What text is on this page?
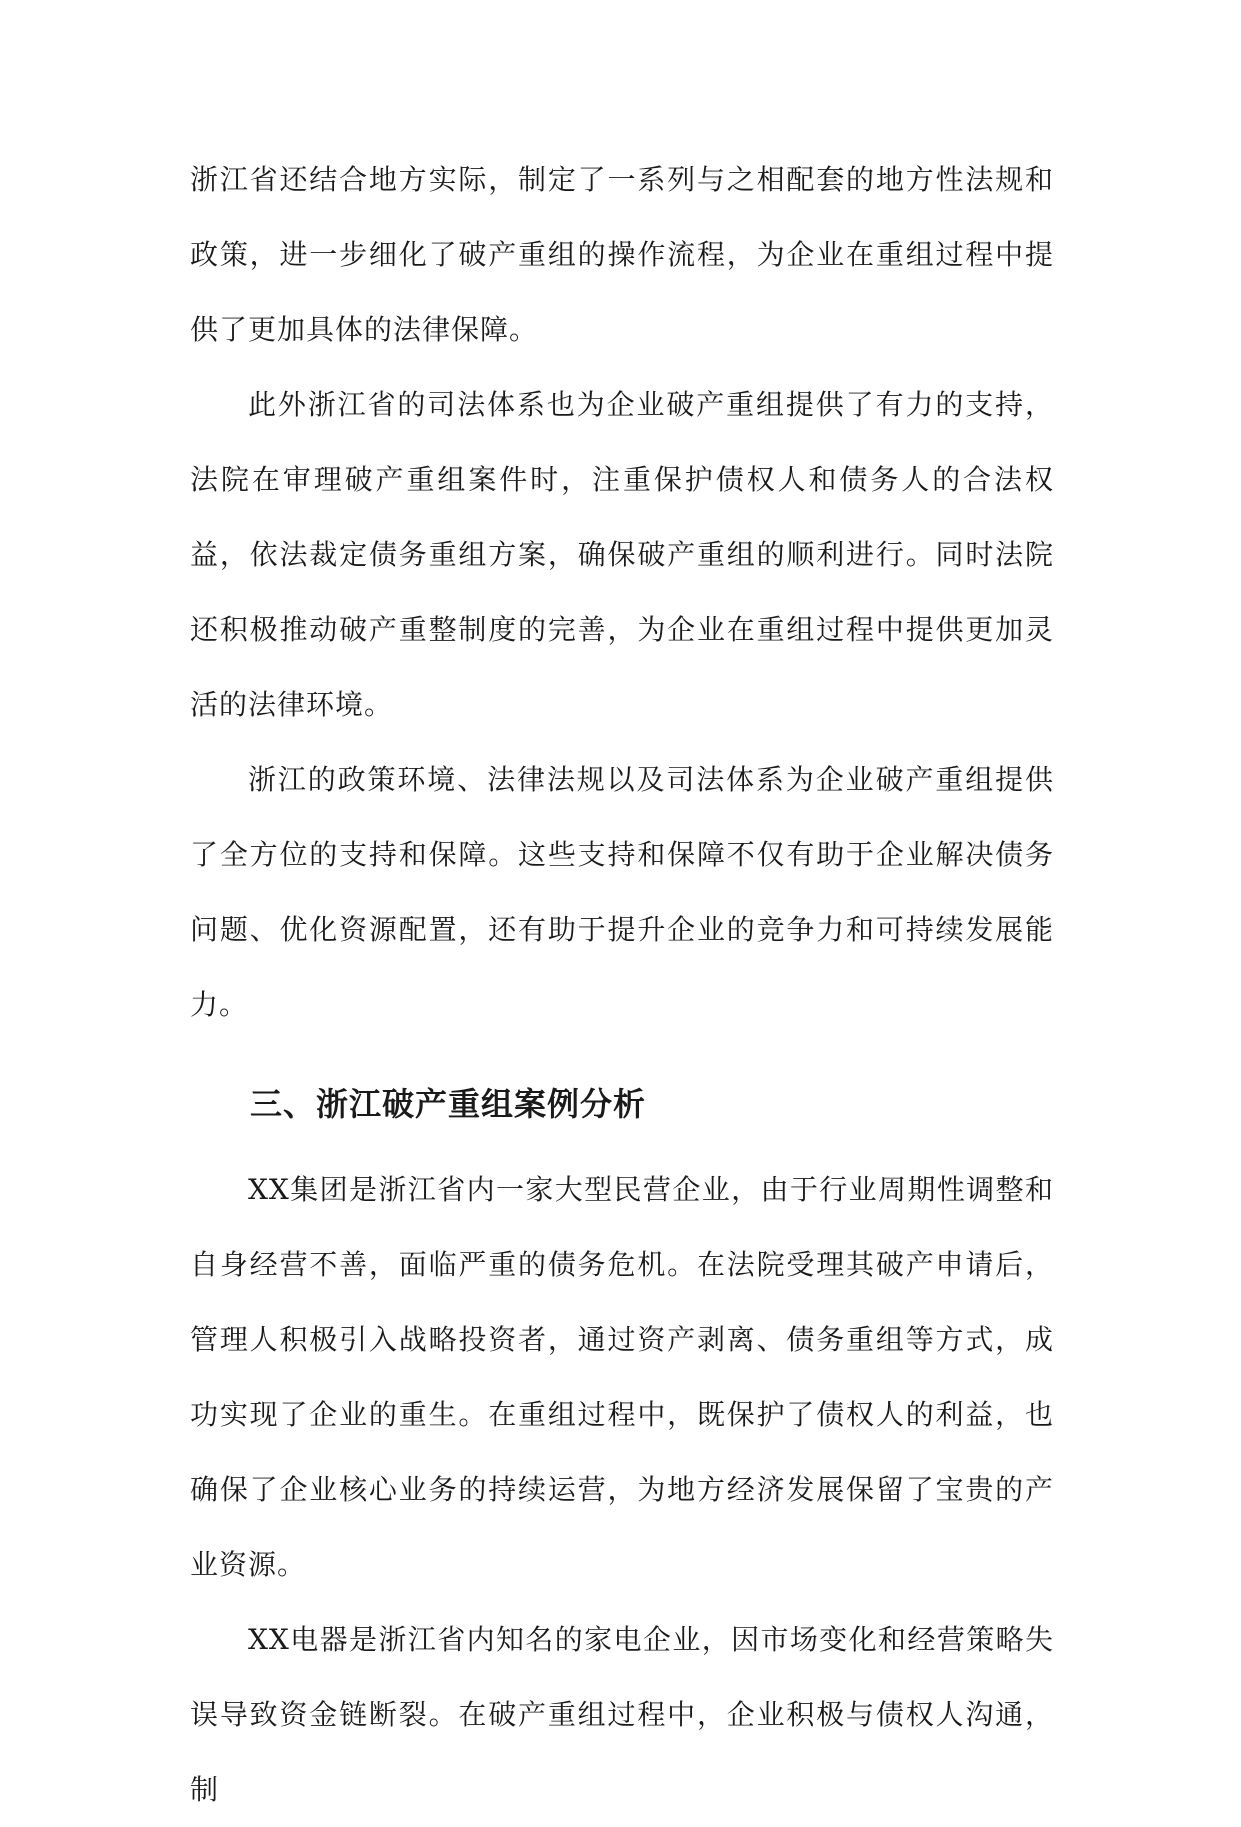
浙江省还结合地方实际，制定了一系列与之相配套的地方性法规和政策，进一步细化了破产重组的操作流程，为企业在重组过程中提供了更加具体的法律保障。

此外浙江省的司法体系也为企业破产重组提供了有力的支持，法院在审理破产重组案件时，注重保护债权人和债务人的合法权益，依法裁定债务重组方案，确保破产重组的顺利进行。同时法院还积极推动破产重整制度的完善，为企业在重组过程中提供更加灵活的法律环境。

浙江的政策环境、法律法规以及司法体系为企业破产重组提供了全方位的支持和保障。这些支持和保障不仅有助于企业解决债务问题、优化资源配置，还有助于提升企业的竞争力和可持续发展能力。

三、浙江破产重组案例分析

XX集团是浙江省内一家大型民营企业，由于行业周期性调整和自身经营不善，面临严重的债务危机。在法院受理其破产申请后，管理人积极引入战略投资者，通过资产剥离、债务重组等方式，成功实现了企业的重生。在重组过程中，既保护了债权人的利益，也确保了企业核心业务的持续运营，为地方经济发展保留了宝贵的产业资源。

XX电器是浙江省内知名的家电企业，因市场变化和经营策略失误导致资金链断裂。在破产重组过程中，企业积极与债权人沟通，制
